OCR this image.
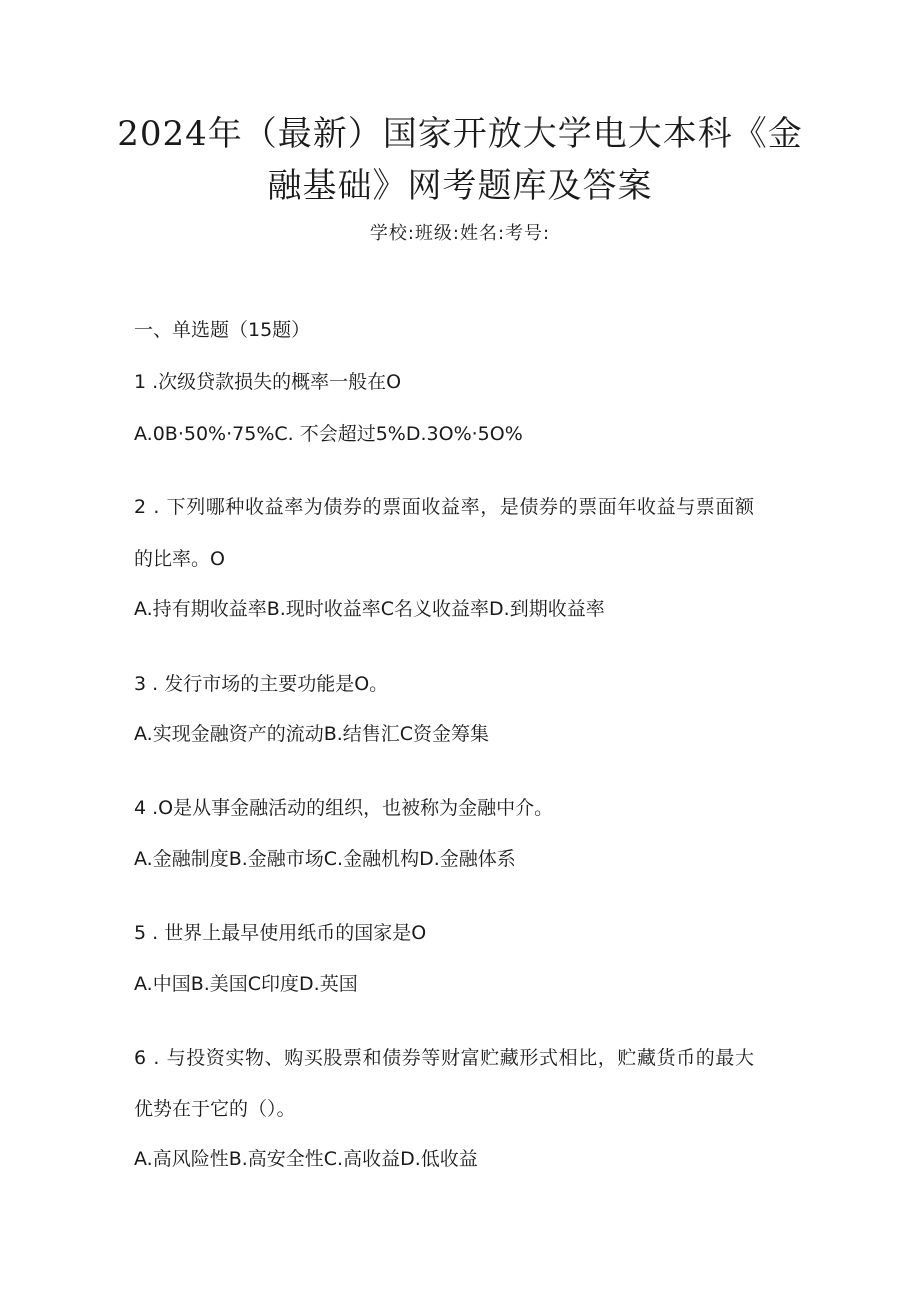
2024年（最新）国家开放大学电大本科《金
融基础》网考题库及答案
学校:班级:姓名:考号:
一、单选题（15题）
1 .次级贷款损失的概率一般在O
A.0B·50%·75%C. 不会超过5%D.3O%·5O%
2 . 下列哪种收益率为债券的票面收益率，是债券的票面年收益与票面额
的比率。O
A.持有期收益率B.现时收益率C名义收益率D.到期收益率
3 . 发行市场的主要功能是O。
A.实现金融资产的流动B.结售汇C资金筹集
4 .O是从事金融活动的组织，也被称为金融中介。
A.金融制度B.金融市场C.金融机构D.金融体系
5 . 世界上最早使用纸币的国家是O
A.中国B.美国C印度D.英国
6 . 与投资实物、购买股票和债券等财富贮藏形式相比，贮藏货币的最大
优势在于它的（）。
A.高风险性B.高安全性C.高收益D.低收益
